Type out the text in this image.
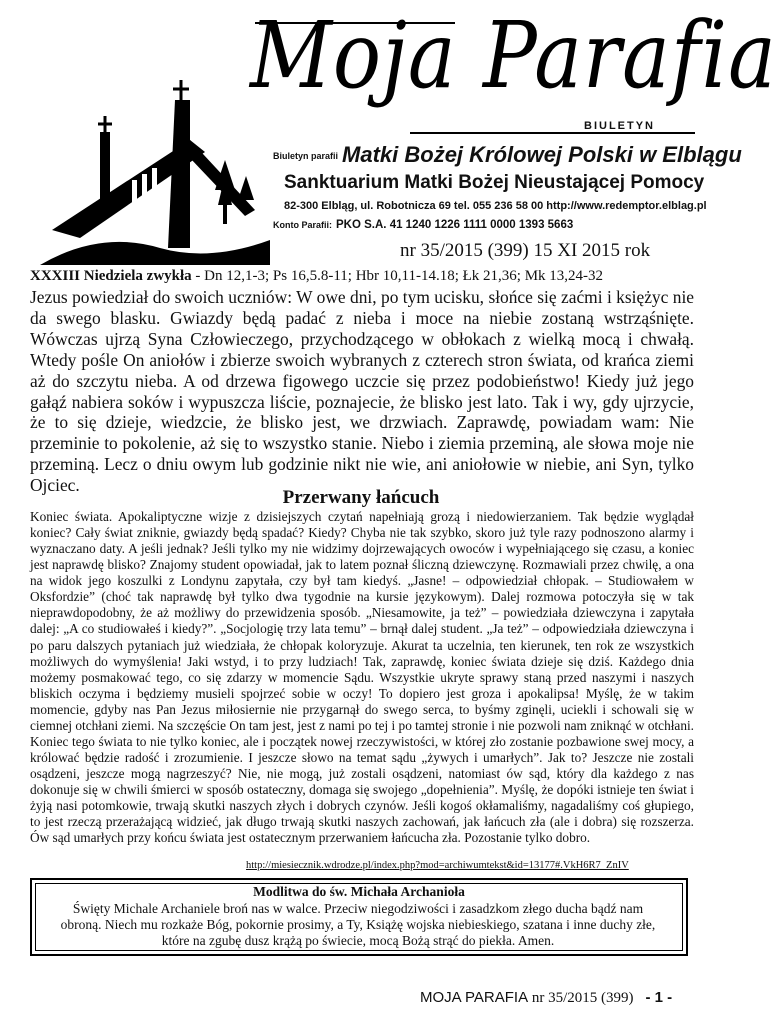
Moja Parafia
BIULETYN
Biuletyn parafii Matki Bożej Królowej Polski w Elblągu
Sanktuarium Matki Bożej Nieustającej Pomocy
82-300 Elbląg, ul. Robotnicza 69 tel. 055 236 58 00 http://www.redemptor.elblag.pl
Konto Parafii: PKO S.A. 41 1240 1226 1111 0000 1393 5663
nr 35/2015 (399) 15 XI 2015 rok
XXXIII Niedziela zwykła - Dn 12,1-3; Ps 16,5.8-11; Hbr 10,11-14.18; Łk 21,36; Mk 13,24-32

Jezus powiedział do swoich uczniów: W owe dni, po tym ucisku, słońce się zaćmi i księżyc nie da swego blasku. Gwiazdy będą padać z nieba i moce na niebie zostaną wstrząśnięte. Wówczas ujrzą Syna Człowieczego, przychodzącego w obłokach z wielką mocą i chwałą. Wtedy pośle On aniołów i zbierze swoich wybranych z czterech stron świata, od krańca ziemi aż do szczytu nieba. A od drzewa figowego uczcie się przez podobieństwo! Kiedy już jego gałąź nabiera soków i wypuszcza liście, poznajecie, że blisko jest lato. Tak i wy, gdy ujrzycie, że to się dzieje, wiedzcie, że blisko jest, we drzwiach. Zaprawdę, powiadam wam: Nie przeminie to pokolenie, aż się to wszystko stanie. Niebo i ziemia przeminą, ale słowa moje nie przeminą. Lecz o dniu owym lub godzinie nikt nie wie, ani aniołowie w niebie, ani Syn, tylko Ojciec.

Przerwany łańcuch

Koniec świata. Apokaliptyczne wizje z dzisiejszych czytań napełniają grozą i niedowierzaniem. Tak będzie wyglądał koniec? Cały świat zniknie, gwiazdy będą spadać? Kiedy? Chyba nie tak szybko, skoro już tyle razy podnoszono alarmy i wyznaczano daty. A jeśli jednak? Jeśli tylko my nie widzimy dojrzewających owoców i wypełniającego się czasu, a koniec jest naprawdę blisko? Znajomy student opowiadał, jak to latem poznał śliczną dziewczynę. Rozmawiali przez chwilę, a ona na widok jego koszulki z Londynu zapytała, czy był tam kiedyś. „Jasne! – odpowiedział chłopak. – Studiowałem w Oksfordzie” (choć tak naprawdę był tylko dwa tygodnie na kursie językowym). Dalej rozmowa potoczyła się w tak nieprawdopodobny, że aż możliwy do przewidzenia sposób. „Niesamowite, ja też” – powiedziała dziewczyna i zapytała dalej: „A co studiowałeś i kiedy?”. „Socjologię trzy lata temu” – brnął dalej student. „Ja też” – odpowiedziała dziewczyna i po paru dalszych pytaniach już wiedziała, że chłopak koloryzuje. Akurat ta uczelnia, ten kierunek, ten rok ze wszystkich możliwych do wymyślenia! Jaki wstyd, i to przy ludziach! Tak, zaprawdę, koniec świata dzieje się dziś. Każdego dnia możemy posmakować tego, co się zdarzy w momencie Sądu. Wszystkie ukryte sprawy staną przed naszymi i naszych bliskich oczyma i będziemy musieli spojrzeć sobie w oczy! To dopiero jest groza i apokalipsa! Myślę, że w takim momencie, gdyby nas Pan Jezus miłosiernie nie przygarnął do swego serca, to byśmy zginęli, uciekli i schowali się w ciemnej otchłani ziemi. Na szczęście On tam jest, jest z nami po tej i po tamtej stronie i nie pozwoli nam zniknąć w otchłani. Koniec tego świata to nie tylko koniec, ale i początek nowej rzeczywistości, w której zło zostanie pozbawione swej mocy, a królować będzie radość i zrozumienie. I jeszcze słowo na temat sądu „żywych i umarłych”. Jak to? Jeszcze nie zostali osądzeni, jeszcze mogą nagrzeszyć? Nie, nie mogą, już zostali osądzeni, natomiast ów sąd, który dla każdego z nas dokonuje się w chwili śmierci w sposób ostateczny, domaga się swojego „dopełnienia”. Myślę, że dopóki istnieje ten świat i żyją nasi potomkowie, trwają skutki naszych złych i dobrych czynów. Jeśli kogoś okłamaliśmy, nagadaliśmy coś głupiego, to jest rzeczą przerażającą widzieć, jak długo trwają skutki naszych zachowań, jak łańcuch zła (ale i dobra) się rozszerza. Ów sąd umarłych przy końcu świata jest ostatecznym przerwaniem łańcucha zła. Pozostanie tylko dobro.

http://miesiecznik.wdrodze.pl/index.php?mod=archiwumtekst&id=13177#.VkH6R7_ZnIV
Modlitwa do św. Michała Archanioła

Święty Michale Archaniele broń nas w walce. Przeciw niegodziwości i zasadzkom złego ducha bądź nam obroną. Niech mu rozkaże Bóg, pokornie prosimy, a Ty, Książę wojska niebieskiego, szatana i inne duchy złe, które na zgubę dusz krążą po świecie, mocą Bożą strąć do piekła. Amen.

MOJA PARAFIA nr 35/2015 (399) - 1 -
